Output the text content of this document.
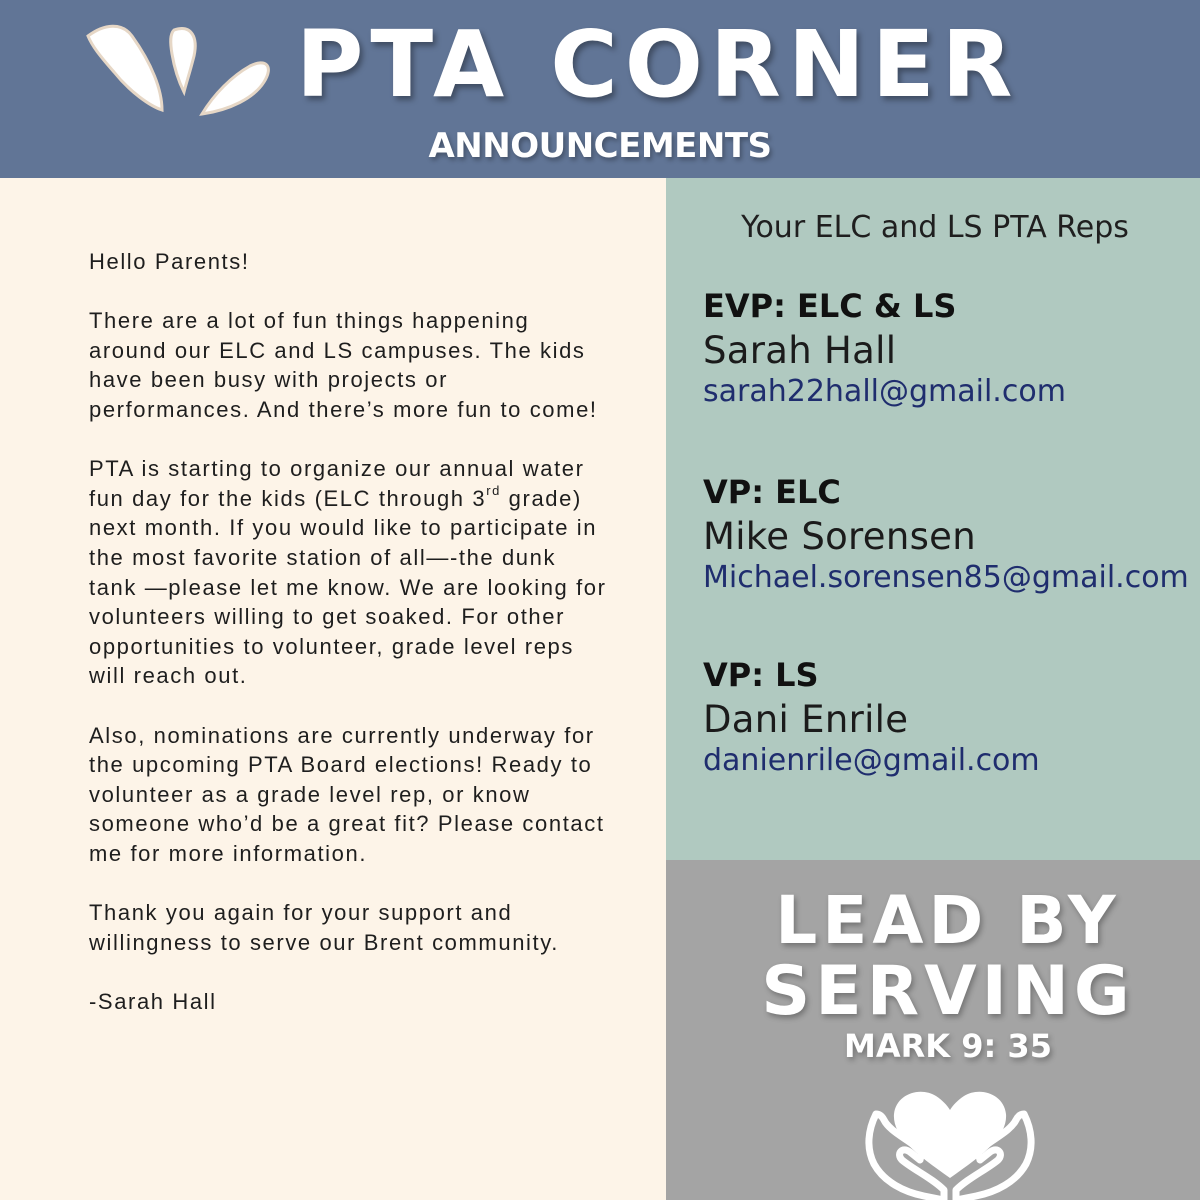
PTA CORNER
ANNOUNCEMENTS
Hello Parents!
There are a lot of fun things happening around our ELC and LS campuses. The kids have been busy with projects or performances. And there’s more fun to come!
PTA is starting to organize our annual water fun day for the kids (ELC through 3rd grade) next month. If you would like to participate in the most favorite station of all—-the dunk tank —please let me know. We are looking for volunteers willing to get soaked. For other opportunities to volunteer, grade level reps will reach out.
Also, nominations are currently underway for the upcoming PTA Board elections! Ready to volunteer as a grade level rep, or know someone who’d be a great fit? Please contact me for more information.
Thank you again for your support and willingness to serve our Brent community.
-Sarah Hall
Your ELC and LS PTA Reps
EVP: ELC & LS
Sarah Hall
sarah22hall@gmail.com
VP: ELC
Mike Sorensen
Michael.sorensen85@gmail.com
VP: LS
Dani Enrile
danienrile@gmail.com
LEAD BY
SERVING
MARK 9: 35
